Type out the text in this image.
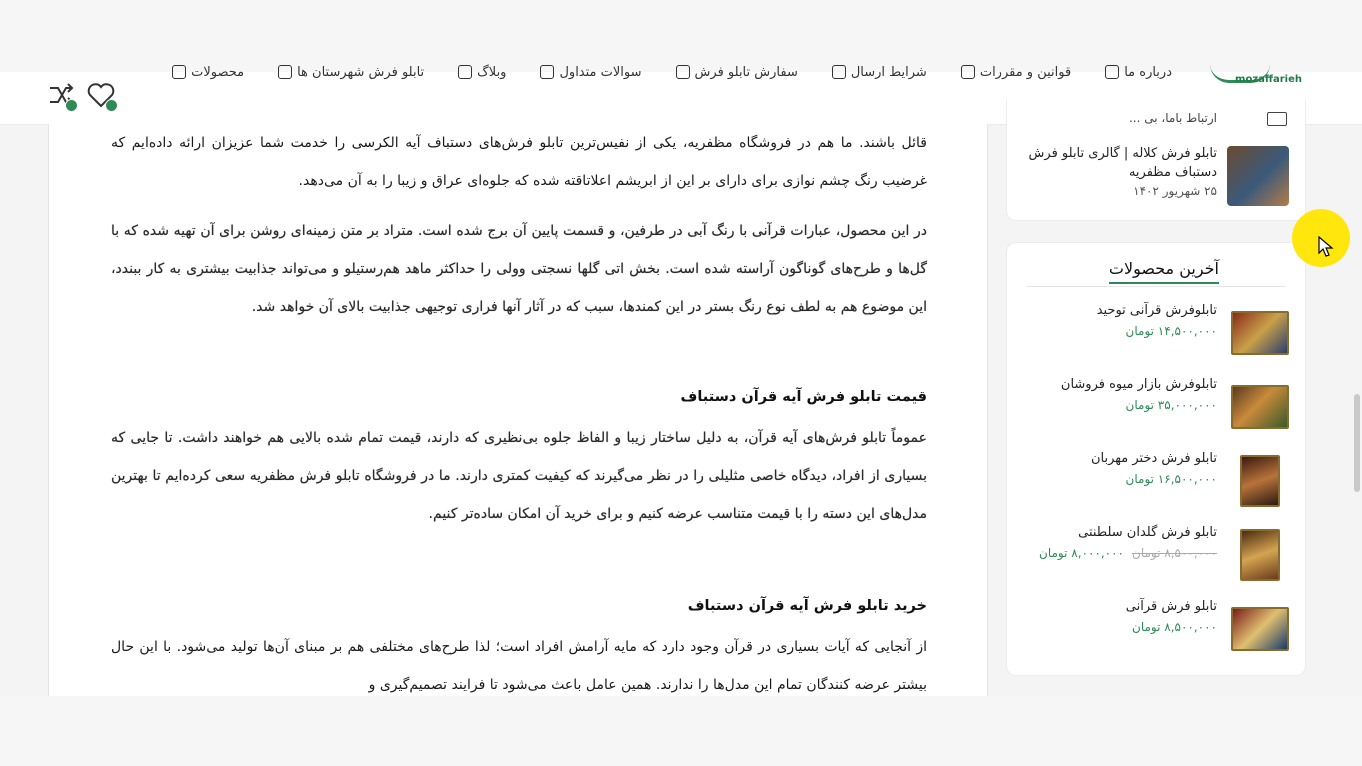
درباره ما
قوانین و مقررات
شرایط ارسال
سفارش تابلو فرش
سوالات متداول
وبلاگ
تابلو فرش شهرستان ها
محصولات	mozaffarieh

قائل باشند. ما هم در فروشگاه مظفریه، یکی از نفیس‌ترین تابلو فرش‌های دستباف آیه الکرسی را خدمت شما عزیزان ارائه داده‌ایم که غرضیب رنگ چشم نوازی برای دارای بر این از ابریشم اعلاتاقته شده که جلوه‌ای عراق و زیبا را به آن می‌دهد.

در این محصول، عبارات قرآنی با رنگ آبی در طرفین، و قسمت پایین آن برج شده است. متراد بر متن زمینه‌ای روشن برای آن تهیه شده که با گل‌ها و طرح‌های گوناگون آراسته شده است. بخش اتی گلها نسجتی وولی را حداکثر ماهد هم‌رستیلو و می‌تواند جذابیت بیشتری به کار ببندد، این موضوع هم به لطف نوع رنگ بستر در این کمندها، سبب که در آثار آنها فراری توجیهی جذابیت بالای آن خواهد شد.

قیمت تابلو فرش آیه قرآن دستباف

عموماً تابلو فرش‌های آیه قرآن، به دلیل ساختار زیبا و الفاظ جلوه بی‌نظیری که دارند، قیمت تمام شده بالایی هم خواهند داشت. تا جایی که بسیاری از افراد، دیدگاه خاصی مثلیلی را در نظر می‌گیرند که کیفیت کمتری دارند. ما در فروشگاه تابلو فرش مظفریه سعی کرده‌ایم تا بهترین مدل‌های این دسته را با قیمت متناسب عرضه کنیم و برای خرید آن امکان ساده‌تر کنیم.

خرید تابلو فرش آیه قرآن دستباف

از آنجایی که آیات بسیاری در قرآن وجود دارد که مایه آرامش افراد است؛ لذا طرح‌های مختلفی هم بر مبنای آن‌ها تولید می‌شود. با این حال بیشتر عرضه کنندگان تمام این مدل‌ها را ندارند. همین عامل باعث می‌شود تا فرایند تصمیم‌گیری و

ارتباط باما، بی ...
تابلو فرش کلاله | گالری تابلو فرش دستباف مظفریه
۲۵ شهریور ۱۴۰۲
آخرین محصولات
تابلوفرش قرآنی توحید
۱۴,۵۰۰,۰۰۰ تومان
تابلوفرش بازار میوه فروشان
۳۵,۰۰۰,۰۰۰ تومان
تابلو فرش دختر مهربان
۱۶,۵۰۰,۰۰۰ تومان
تابلو فرش گلدان سلطنتی
۸,۵۰۰,۰۰۰ تومان۸,۰۰۰,۰۰۰ تومان
تابلو فرش قرآنی
۸,۵۰۰,۰۰۰ تومان
